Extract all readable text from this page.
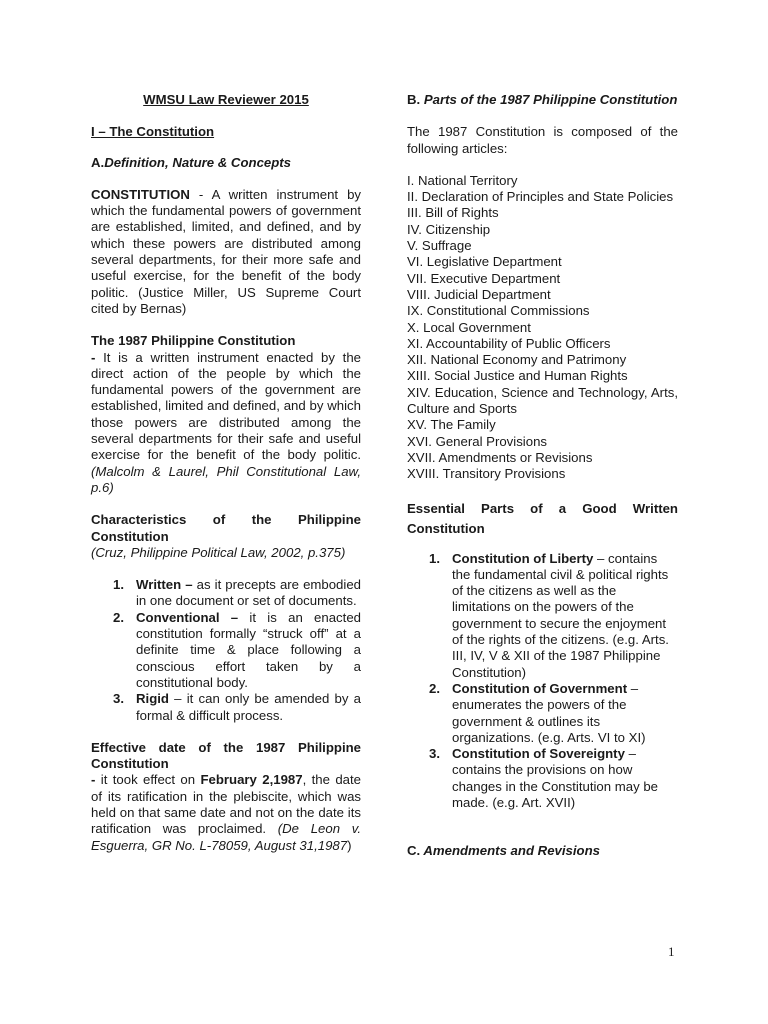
WMSU Law Reviewer 2015

I – The Constitution

A.Definition, Nature & Concepts

CONSTITUTION - A written instrument by which the fundamental powers of government are established, limited, and defined, and by which these powers are distributed among several departments, for their more safe and useful exercise, for the benefit of the body politic. (Justice Miller, US Supreme Court cited by Bernas)

The 1987 Philippine Constitution

- It is a written instrument enacted by the direct action of the people by which the fundamental powers of the government are established, limited and defined, and by which those powers are distributed among the several departments for their safe and useful exercise for the benefit of the body politic. (Malcolm & Laurel, Phil Constitutional Law, p.6)

Characteristics of the Philippine Constitution

(Cruz, Philippine Political Law, 2002, p.375)

1. Written – as it precepts are embodied in one document or set of documents.
2. Conventional – it is an enacted constitution formally “struck off” at a definite time & place following a conscious effort taken by a constitutional body.
3. Rigid – it can only be amended by a formal & difficult process.

Effective date of the 1987 Philippine Constitution

- it took effect on February 2,1987, the date of its ratification in the plebiscite, which was held on that same date and not on the date its ratification was proclaimed. (De Leon v. Esguerra, GR No. L-78059, August 31,1987)

B. Parts of the 1987 Philippine Constitution

The 1987 Constitution is composed of the following articles:

I. National Territory

II. Declaration of Principles and State Policies

III. Bill of Rights

IV. Citizenship

V. Suffrage

VI. Legislative Department

VII. Executive Department

VIII. Judicial Department

IX. Constitutional Commissions

X. Local Government

XI. Accountability of Public Officers

XII. National Economy and Patrimony

XIII. Social Justice and Human Rights

XIV. Education, Science and Technology, Arts, Culture and Sports

XV. The Family

XVI. General Provisions

XVII. Amendments or Revisions

XVIII. Transitory Provisions

Essential Parts of a Good Written Constitution

1. Constitution of Liberty – contains the fundamental civil & political rights of the citizens as well as the limitations on the powers of the government to secure the enjoyment of the rights of the citizens. (e.g. Arts. III, IV, V & XII of the 1987 Philippine Constitution)
2. Constitution of Government – enumerates the powers of the government & outlines its organizations. (e.g. Arts. VI to XI)
3. Constitution of Sovereignty – contains the provisions on how changes in the Constitution may be made. (e.g. Art. XVII)

C. Amendments and Revisions

1
